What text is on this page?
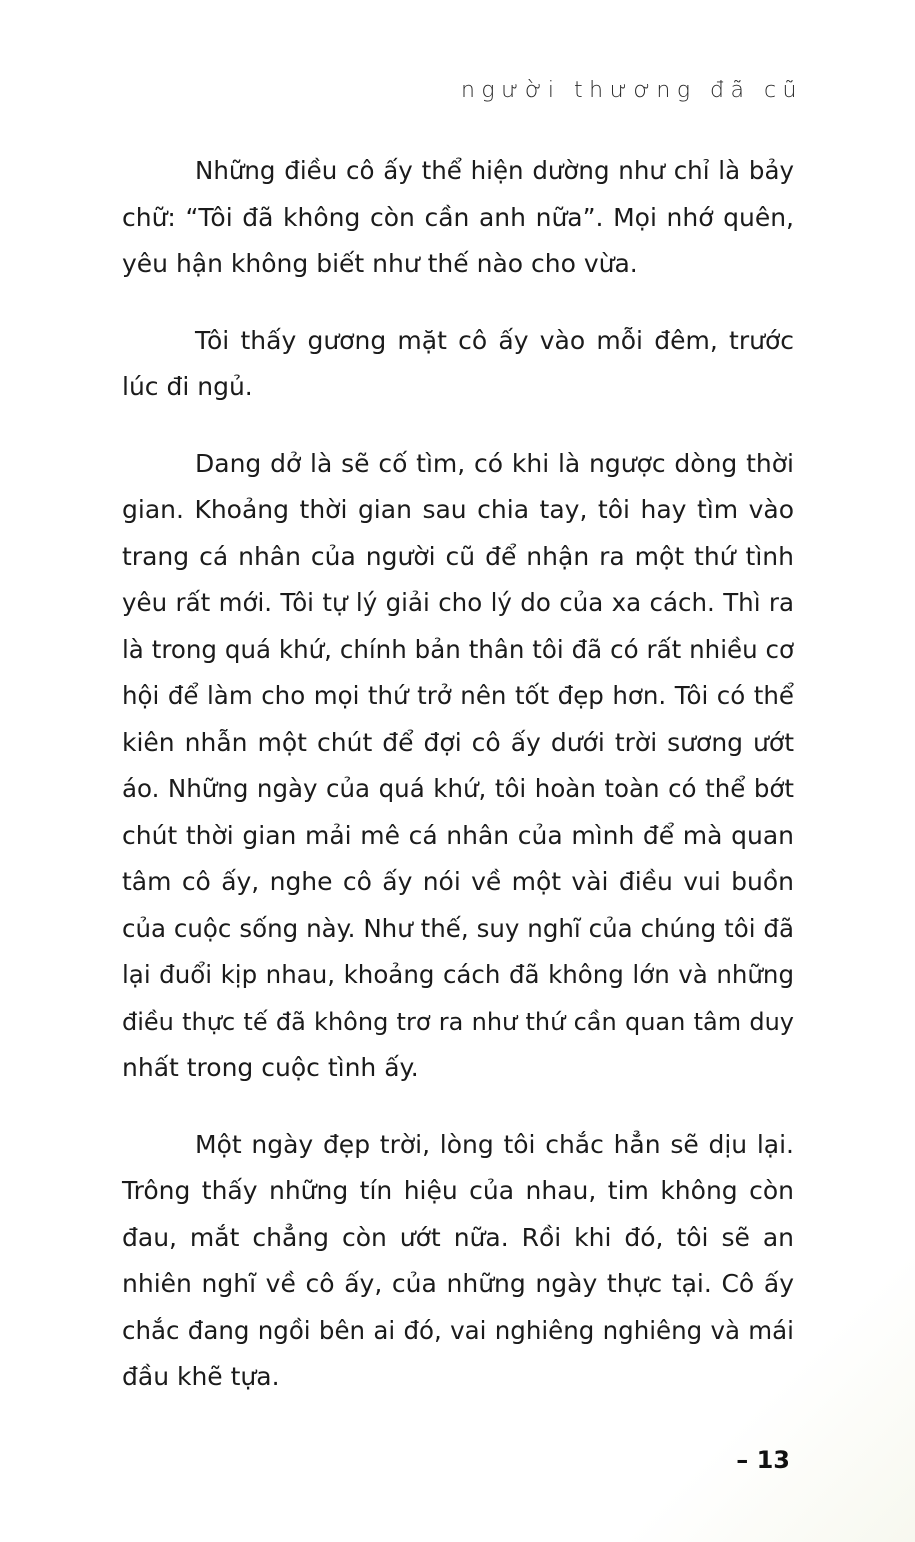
người thương đã cũ

Những điều cô ấy thể hiện dường như chỉ là bảy
chữ: “Tôi đã không còn cần anh nữa”. Mọi nhớ quên,
yêu hận không biết như thế nào cho vừa.

Tôi thấy gương mặt cô ấy vào mỗi đêm, trước
lúc đi ngủ.

Dang dở là sẽ cố tìm, có khi là ngược dòng thời
gian. Khoảng thời gian sau chia tay, tôi hay tìm vào
trang cá nhân của người cũ để nhận ra một thứ tình
yêu rất mới. Tôi tự lý giải cho lý do của xa cách. Thì ra
là trong quá khứ, chính bản thân tôi đã có rất nhiều cơ
hội để làm cho mọi thứ trở nên tốt đẹp hơn. Tôi có thể
kiên nhẫn một chút để đợi cô ấy dưới trời sương ướt
áo. Những ngày của quá khứ, tôi hoàn toàn có thể bớt
chút thời gian mải mê cá nhân của mình để mà quan
tâm cô ấy, nghe cô ấy nói về một vài điều vui buồn
của cuộc sống này. Như thế, suy nghĩ của chúng tôi đã
lại đuổi kịp nhau, khoảng cách đã không lớn và những
điều thực tế đã không trơ ra như thứ cần quan tâm duy
nhất trong cuộc tình ấy.

Một ngày đẹp trời, lòng tôi chắc hẳn sẽ dịu lại.
Trông thấy những tín hiệu của nhau, tim không còn
đau, mắt chẳng còn ướt nữa. Rồi khi đó, tôi sẽ an
nhiên nghĩ về cô ấy, của những ngày thực tại. Cô ấy
chắc đang ngồi bên ai đó, vai nghiêng nghiêng và mái
đầu khẽ tựa.

– 13
